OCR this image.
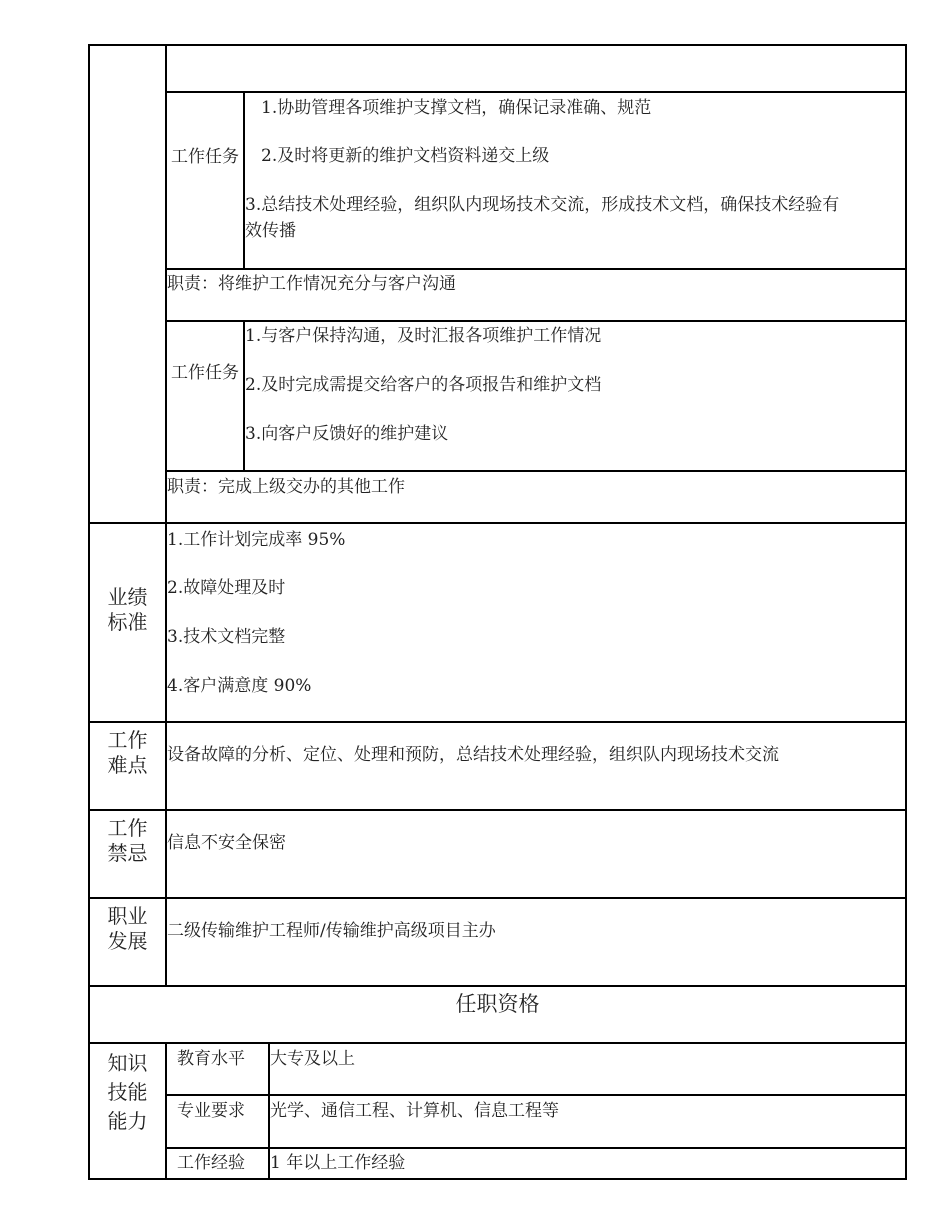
工作任务
1.协助管理各项维护支撑文档，确保记录准确、规范
2.及时将更新的维护文档资料递交上级
3.总结技术处理经验，组织队内现场技术交流，形成技术文档，确保技术经验有
效传播
职责：将维护工作情况充分与客户沟通
工作任务
1.与客户保持沟通，及时汇报各项维护工作情况
2.及时完成需提交给客户的各项报告和维护文档
3.向客户反馈好的维护建议
职责：完成上级交办的其他工作
业绩标准
1.工作计划完成率 95%
2.故障处理及时
3.技术文档完整
4.客户满意度 90%
工作难点	设备故障的分析、定位、处理和预防，总结技术处理经验，组织队内现场技术交流
工作禁忌	信息不安全保密
职业发展	二级传输维护工程师/传输维护高级项目主办
任职资格
知识技能能力
教育水平 大专及以上
专业要求 光学、通信工程、计算机、信息工程等
工作经验 1 年以上工作经验
